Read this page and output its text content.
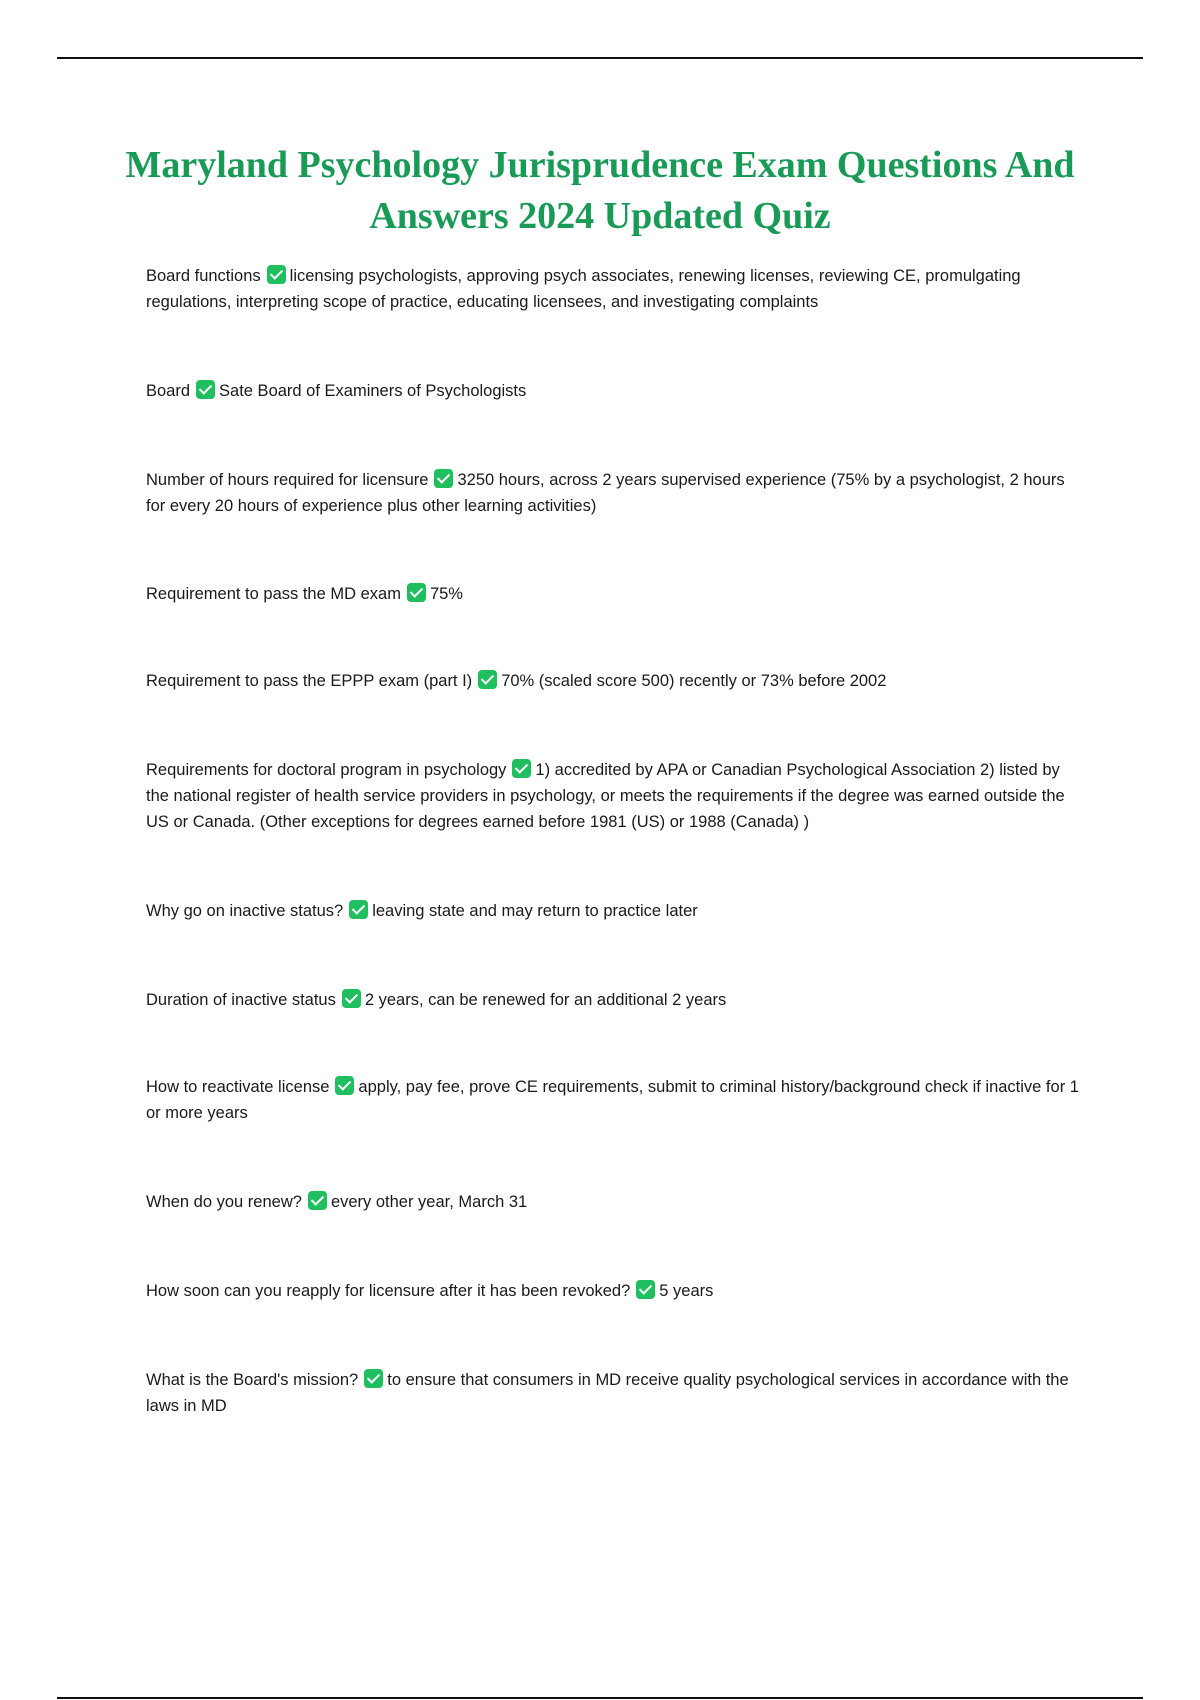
Maryland Psychology Jurisprudence Exam Questions And Answers 2024 Updated Quiz

Board functions licensing psychologists, approving psych associates, renewing licenses, reviewing CE, promulgating regulations, interpreting scope of practice, educating licensees, and investigating complaints

Board Sate Board of Examiners of Psychologists

Number of hours required for licensure 3250 hours, across 2 years supervised experience (75% by a psychologist, 2 hours for every 20 hours of experience plus other learning activities)

Requirement to pass the MD exam 75%

Requirement to pass the EPPP exam (part I) 70% (scaled score 500) recently or 73% before 2002

Requirements for doctoral program in psychology 1) accredited by APA or Canadian Psychological Association 2) listed by the national register of health service providers in psychology, or meets the requirements if the degree was earned outside the US or Canada. (Other exceptions for degrees earned before 1981 (US) or 1988 (Canada) )

Why go on inactive status? leaving state and may return to practice later

Duration of inactive status 2 years, can be renewed for an additional 2 years

How to reactivate license apply, pay fee, prove CE requirements, submit to criminal history/background check if inactive for 1 or more years

When do you renew? every other year, March 31

How soon can you reapply for licensure after it has been revoked? 5 years

What is the Board's mission? to ensure that consumers in MD receive quality psychological services in accordance with the laws in MD
